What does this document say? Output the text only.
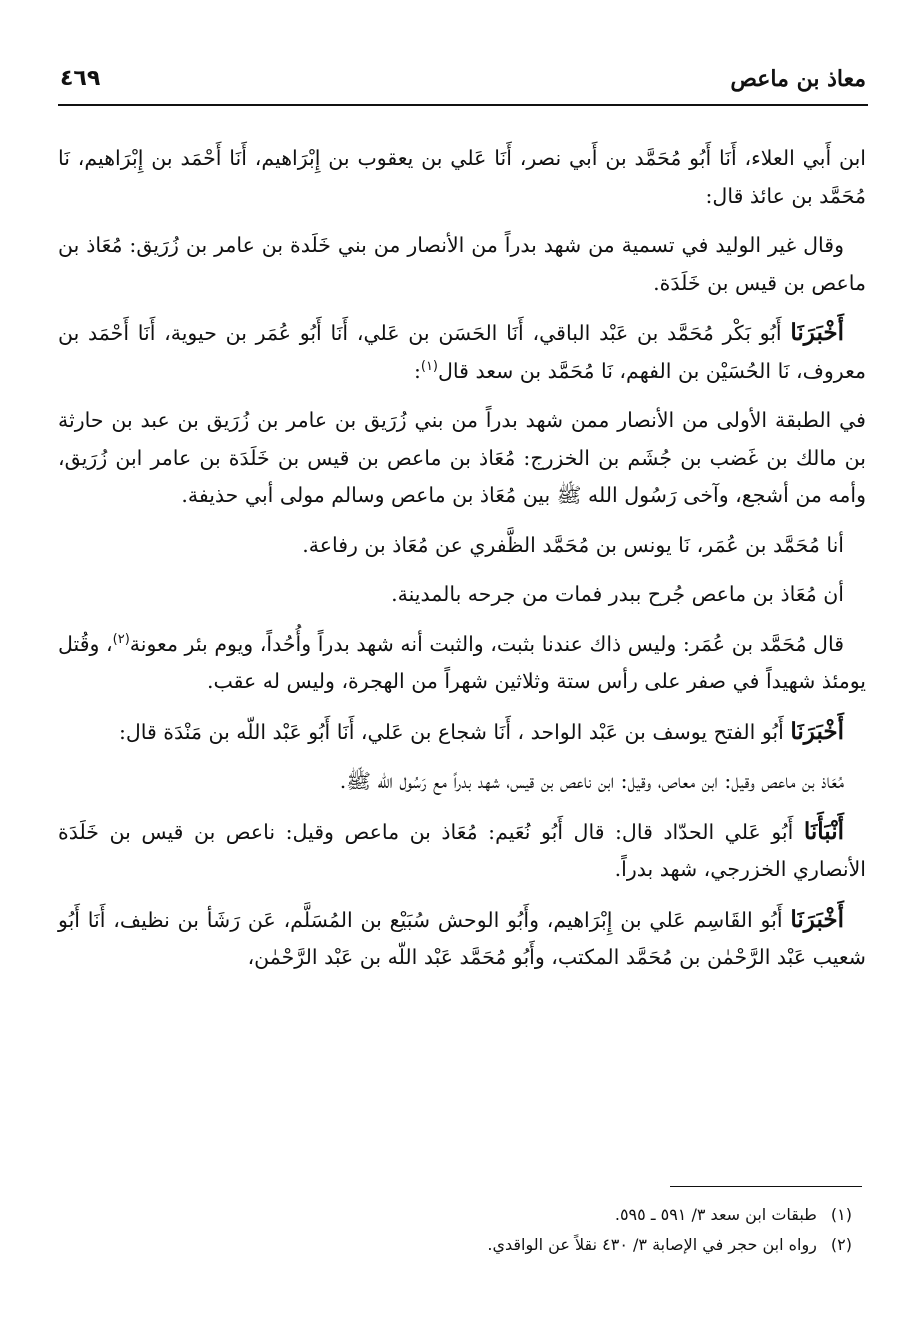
معاذ بن ماعص
٤٦٩

ابن أَبي العلاء، أَنَا أَبُو مُحَمَّد بن أَبي نصر، أَنَا عَلي بن يعقوب بن إِبْرَاهيم، أَنَا أَحْمَد بن إِبْرَاهيم، نَا مُحَمَّد بن عائذ قال:

وقال غير الوليد في تسمية من شهد بدراً من الأنصار من بني خَلَدة بن عامر بن زُرَيق: مُعَاذ بن ماعص بن قيس بن خَلَدَة.

أَخْبَرَنَا أَبُو بَكْر مُحَمَّد بن عَبْد الباقي، أَنَا الحَسَن بن عَلي، أَنَا أَبُو عُمَر بن حيوية، أَنَا أَحْمَد بن معروف، نَا الحُسَيْن بن الفهم، نَا مُحَمَّد بن سعد قال$^{(١)}$:

في الطبقة الأولى من الأنصار ممن شهد بدراً من بني زُرَيق بن عامر بن زُرَيق بن عبد بن حارثة بن مالك بن غَضب بن جُشَم بن الخزرج: مُعَاذ بن ماعص بن قيس بن خَلَدَة بن عامر ابن زُرَيق، وأمه من أشجع، وآخى رَسُول الله ﷺ بين مُعَاذ بن ماعص وسالم مولى أبي حذيفة.

أنا مُحَمَّد بن عُمَر، نَا يونس بن مُحَمَّد الظَّفري عن مُعَاذ بن رفاعة.

أن مُعَاذ بن ماعص جُرح ببدر فمات من جرحه بالمدينة.

قال مُحَمَّد بن عُمَر: وليس ذاك عندنا بثبت، والثبت أنه شهد بدراً وأُحُداً، ويوم بئر معونة$^{(٢)}$، وقُتل يومئذ شهيداً في صفر على رأس ستة وثلاثين شهراً من الهجرة، وليس له عقب.

أَخْبَرَنَا أَبُو الفتح يوسف بن عَبْد الواحد ، أَنَا شجاع بن عَلي، أَنَا أَبُو عَبْد اللّه بن مَنْدَة قال:

مُعَاذ بن ماعص وقيل: ابن معاص، وقيل: ابن ناعص بن قيس، شهد بدراً مع رَسُول الله ﷺ.

أَنْبَأَنَا أَبُو عَلي الحدّاد قال: قال أَبُو نُعَيم: مُعَاذ بن ماعص وقيل: ناعص بن قيس بن خَلَدَة الأنصاري الخزرجي، شهد بدراً.

أَخْبَرَنَا أَبُو القَاسِم عَلي بن إِبْرَاهيم، وأَبُو الوحش سُبَيْع بن المُسَلَّم، عَن رَشَأ بن نظيف، أَنَا أَبُو شعيب عَبْد الرَّحْمٰن بن مُحَمَّد المكتب، وأَبُو مُحَمَّد عَبْد اللّه بن عَبْد الرَّحْمٰن،

(١)
طبقات ابن سعد ٣/ ٥٩١ ـ ٥٩٥.
(٢)
رواه ابن حجر في الإصابة ٣/ ٤٣٠ نقلاً عن الواقدي.
